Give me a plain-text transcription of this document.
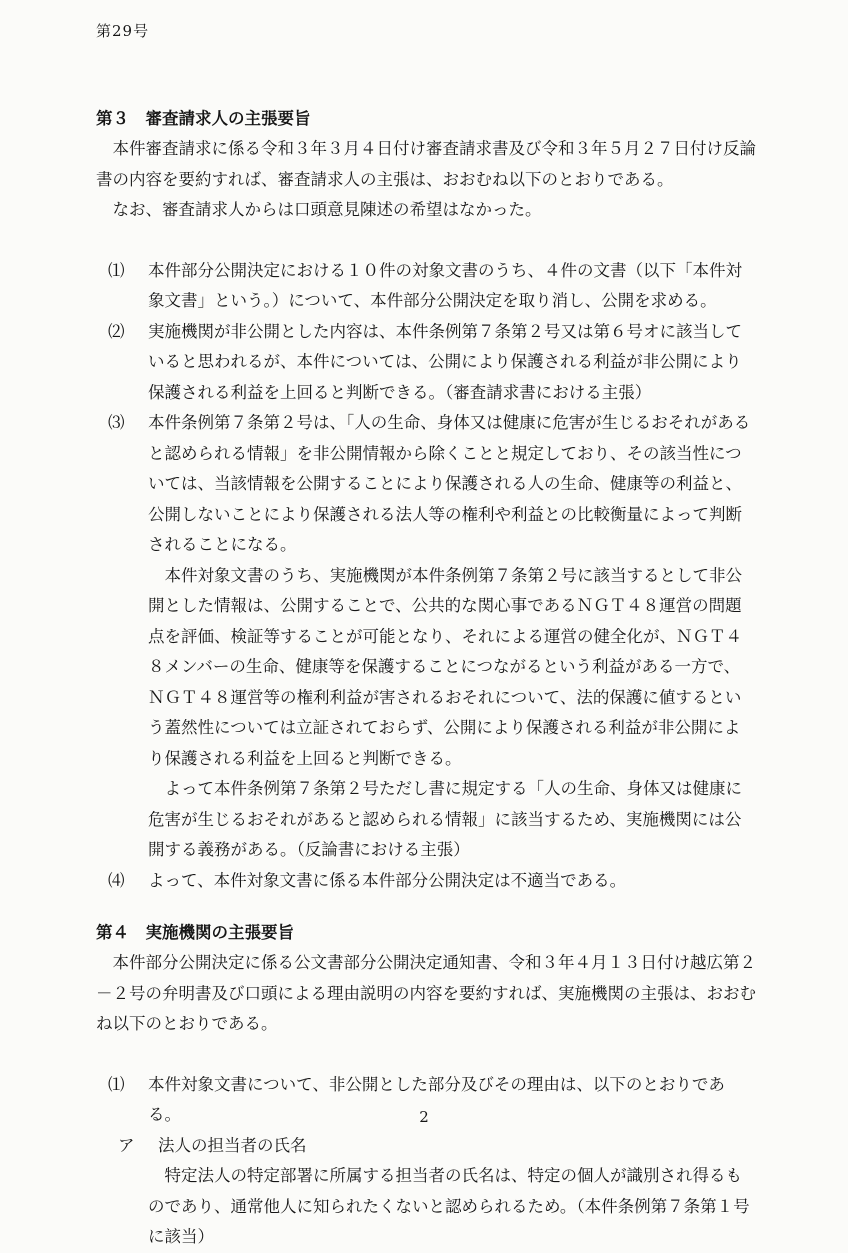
第29号
第３　審査請求人の主張要旨

本件審査請求に係る令和３年３月４日付け審査請求書及び令和３年５月２７日付け反論書の内容を要約すれば、審査請求人の主張は、おおむね以下のとおりである。

なお、審査請求人からは口頭意見陳述の希望はなかった。

⑴	本件部分公開決定における１０件の対象文書のうち、４件の文書（以下「本件対象文書」という。）について、本件部分公開決定を取り消し、公開を求める。

⑵	実施機関が非公開とした内容は、本件条例第７条第２号又は第６号オに該当していると思われるが、本件については、公開により保護される利益が非公開により保護される利益を上回ると判断できる。（審査請求書における主張）

⑶	本件条例第７条第２号は、「人の生命、身体又は健康に危害が生じるおそれがあると認められる情報」を非公開情報から除くことと規定しており、その該当性については、当該情報を公開することにより保護される人の生命、健康等の利益と、公開しないことにより保護される法人等の権利や利益との比較衡量によって判断されることになる。

本件対象文書のうち、実施機関が本件条例第７条第２号に該当するとして非公開とした情報は、公開することで、公共的な関心事であるＮＧＴ４８運営の問題点を評価、検証等することが可能となり、それによる運営の健全化が、ＮＧＴ４８メンバーの生命、健康等を保護することにつながるという利益がある一方で、ＮＧＴ４８運営等の権利利益が害されるおそれについて、法的保護に値するという蓋然性については立証されておらず、公開により保護される利益が非公開により保護される利益を上回ると判断できる。

よって本件条例第７条第２号ただし書に規定する「人の生命、身体又は健康に危害が生じるおそれがあると認められる情報」に該当するため、実施機関には公開する義務がある。（反論書における主張）

⑷	よって、本件対象文書に係る本件部分公開決定は不適当である。

第４　実施機関の主張要旨

本件部分公開決定に係る公文書部分公開決定通知書、令和３年４月１３日付け越広第２－２号の弁明書及び口頭による理由説明の内容を要約すれば、実施機関の主張は、おおむね以下のとおりである。

⑴	本件対象文書について、非公開とした部分及びその理由は、以下のとおりである。

ア	法人の担当者の氏名

特定法人の特定部署に所属する担当者の氏名は、特定の個人が識別され得るものであり、通常他人に知られたくないと認められるため。（本件条例第７条第１号に該当）

2
